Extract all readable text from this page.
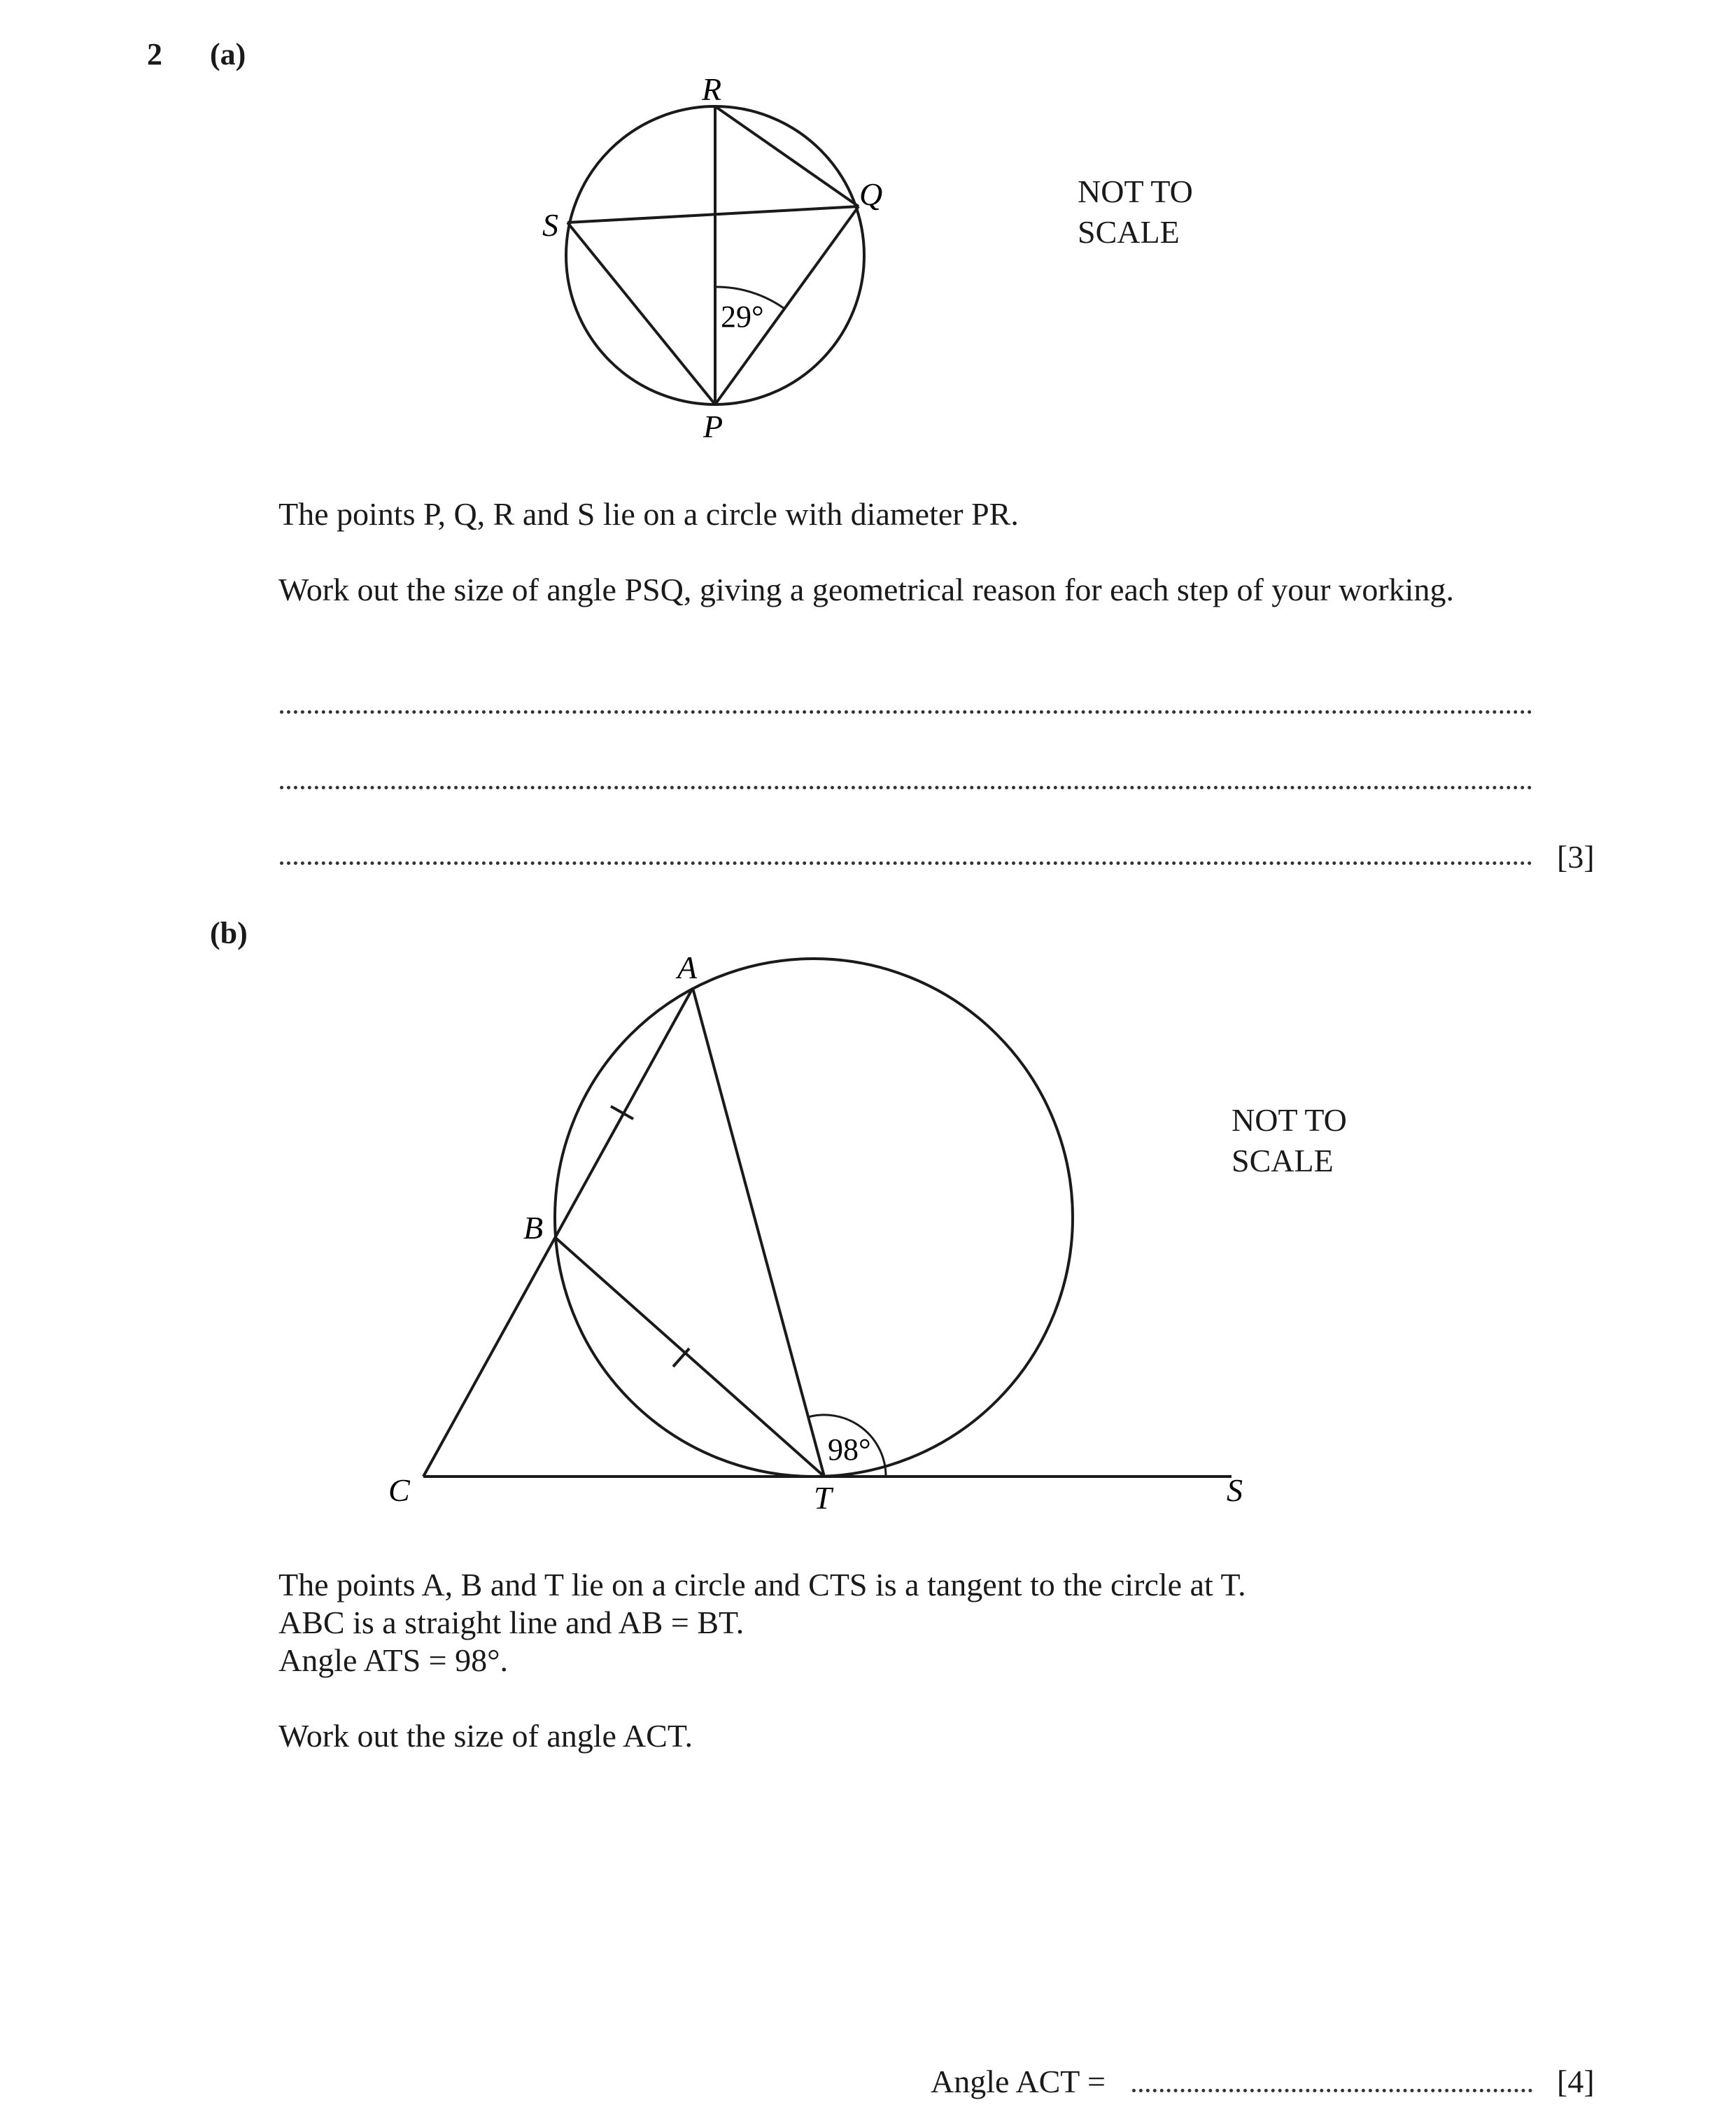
2 (a)
R
Q
S
P
29°
NOT TO
SCALE
The points P, Q, R and S lie on a circle with diameter PR.
Work out the size of angle PSQ, giving a geometrical reason for each step of your working.
[3]
(b)
A
B
C	T	S
98°
NOT TO
SCALE
The points A, B and T lie on a circle and CTS is a tangent to the circle at T.
ABC is a straight line and AB = BT.
Angle ATS = 98°.
Work out the size of angle ACT.
Angle ACT =	[4]
